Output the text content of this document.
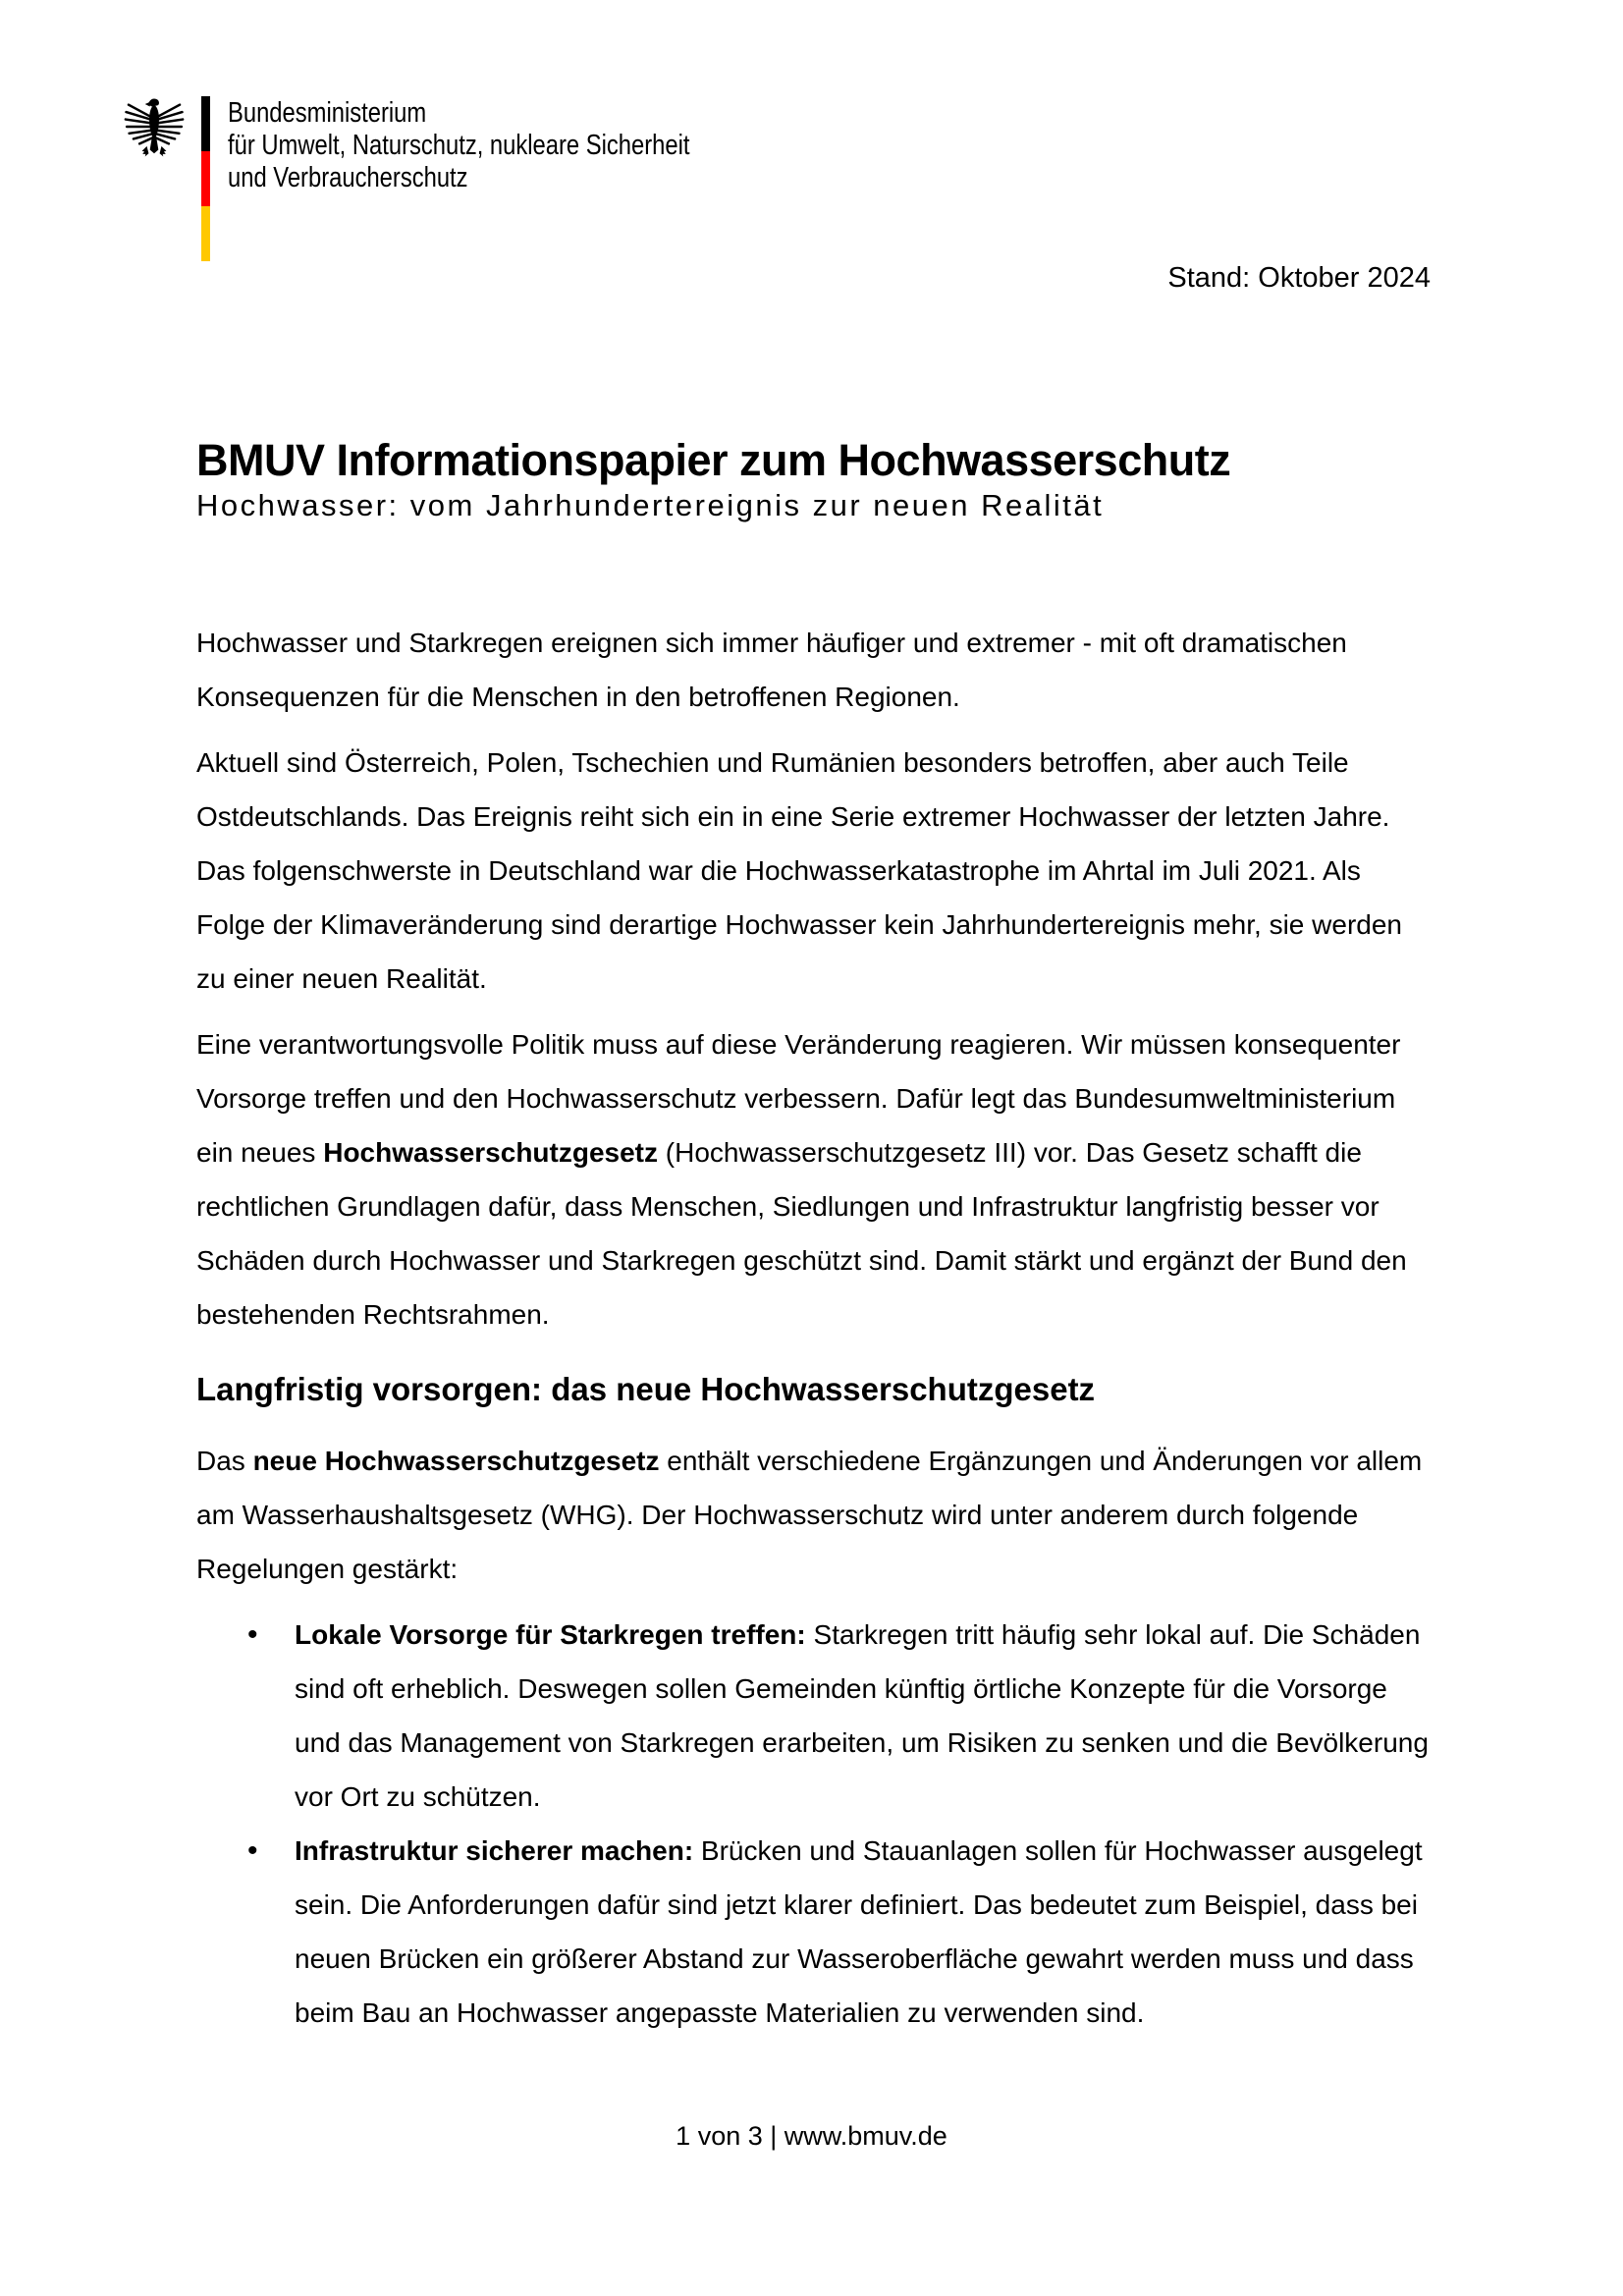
Bundesministerium
für Umwelt, Naturschutz, nukleare Sicherheit
und Verbraucherschutz
Stand: Oktober 2024
BMUV Informationspapier zum Hochwasserschutz
Hochwasser: vom Jahrhundertereignis zur neuen Realität

Hochwasser und Starkregen ereignen sich immer häufiger und extremer - mit oft dramatischen Konsequenzen für die Menschen in den betroffenen Regionen.

Aktuell sind Österreich, Polen, Tschechien und Rumänien besonders betroffen, aber auch Teile Ostdeutschlands. Das Ereignis reiht sich ein in eine Serie extremer Hochwasser der letzten Jahre. Das folgenschwerste in Deutschland war die Hochwasserkatastrophe im Ahrtal im Juli 2021. Als Folge der Klimaveränderung sind derartige Hochwasser kein Jahrhundertereignis mehr, sie werden zu einer neuen Realität.

Eine verantwortungsvolle Politik muss auf diese Veränderung reagieren. Wir müssen konsequenter Vorsorge treffen und den Hochwasserschutz verbessern. Dafür legt das Bundesumweltministerium ein neues Hochwasserschutzgesetz (Hochwasserschutzgesetz III) vor. Das Gesetz schafft die rechtlichen Grundlagen dafür, dass Menschen, Siedlungen und Infrastruktur langfristig besser vor Schäden durch Hochwasser und Starkregen geschützt sind. Damit stärkt und ergänzt der Bund den bestehenden Rechtsrahmen.

Langfristig vorsorgen: das neue Hochwasserschutzgesetz

Das neue Hochwasserschutzgesetz enthält verschiedene Ergänzungen und Änderungen vor allem am Wasserhaushaltsgesetz (WHG). Der Hochwasserschutz wird unter anderem durch folgende Regelungen gestärkt:

• Lokale Vorsorge für Starkregen treffen: Starkregen tritt häufig sehr lokal auf. Die Schäden sind oft erheblich. Deswegen sollen Gemeinden künftig örtliche Konzepte für die Vorsorge und das Management von Starkregen erarbeiten, um Risiken zu senken und die Bevölkerung vor Ort zu schützen.
• Infrastruktur sicherer machen: Brücken und Stauanlagen sollen für Hochwasser ausgelegt sein. Die Anforderungen dafür sind jetzt klarer definiert. Das bedeutet zum Beispiel, dass bei neuen Brücken ein größerer Abstand zur Wasseroberfläche gewahrt werden muss und dass beim Bau an Hochwasser angepasste Materialien zu verwenden sind.
1 von 3 | www.bmuv.de
